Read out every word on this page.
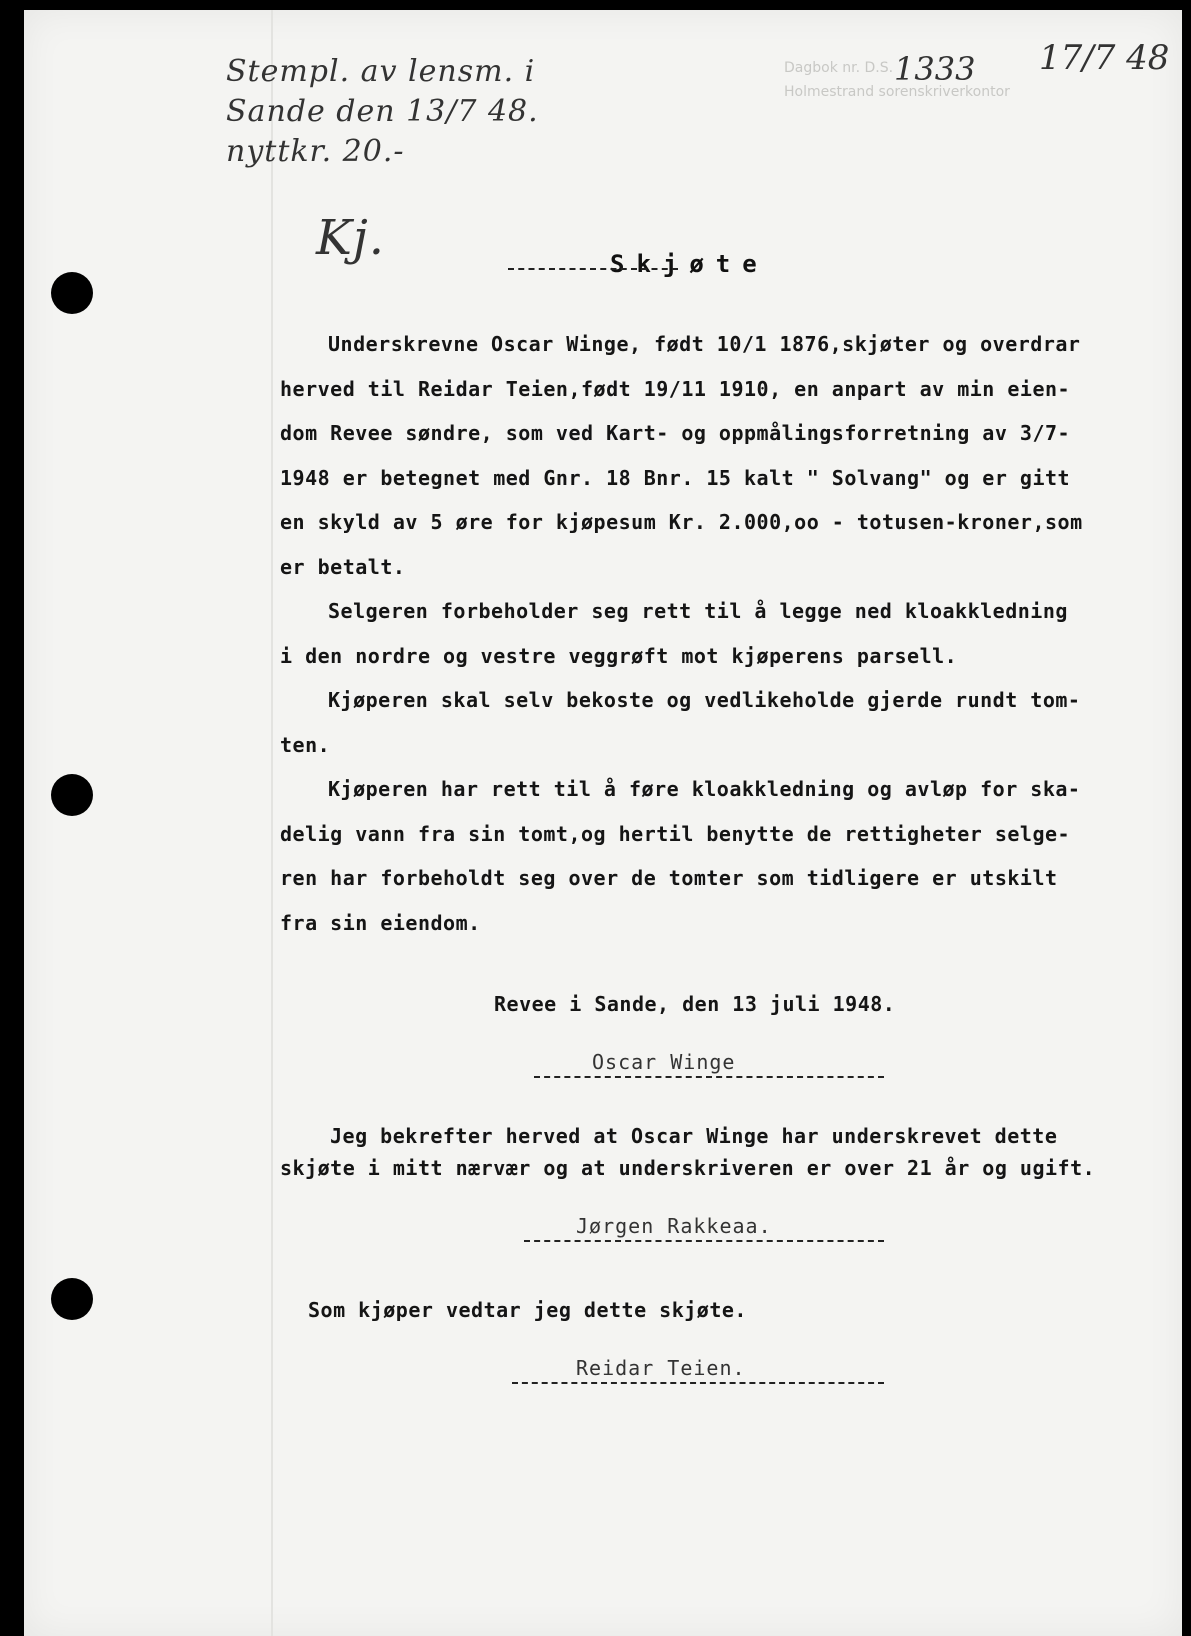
Stempl. av lensm. i
Sande den 13/7 48.
nyttkr. 20.-
Dagbok nr. D.S.
Holmestrand sorenskriverkontor
1333 17/7 48
Kj.	Skjøte

Underskrevne Oscar Winge, født 10/1 1876,skjøter og overdrar

herved til Reidar Teien,født 19/11 1910, en anpart av min eien-

dom Revee søndre, som ved Kart- og oppmålingsforretning av 3/7-

1948 er betegnet med Gnr. 18 Bnr. 15 kalt " Solvang" og er gitt

en skyld av 5 øre for kjøpesum Kr. 2.000,oo - totusen-kroner,som

er betalt.

Selgeren forbeholder seg rett til å legge ned kloakkledning

i den nordre og vestre veggrøft mot kjøperens parsell.

Kjøperen skal selv bekoste og vedlikeholde gjerde rundt tom-

ten.

Kjøperen har rett til å føre kloakkledning og avløp for ska-

delig vann fra sin tomt,og hertil benytte de rettigheter selge-

ren har forbeholdt seg over de tomter som tidligere er utskilt

fra sin eiendom.

Revee i Sande, den 13 juli 1948.
Oscar Winge
Jeg bekrefter herved at Oscar Winge har underskrevet dette
skjøte i mitt nærvær og at underskriveren er over 21 år og ugift.
Jørgen Rakkeaa.
Som kjøper vedtar jeg dette skjøte.
Reidar Teien.
